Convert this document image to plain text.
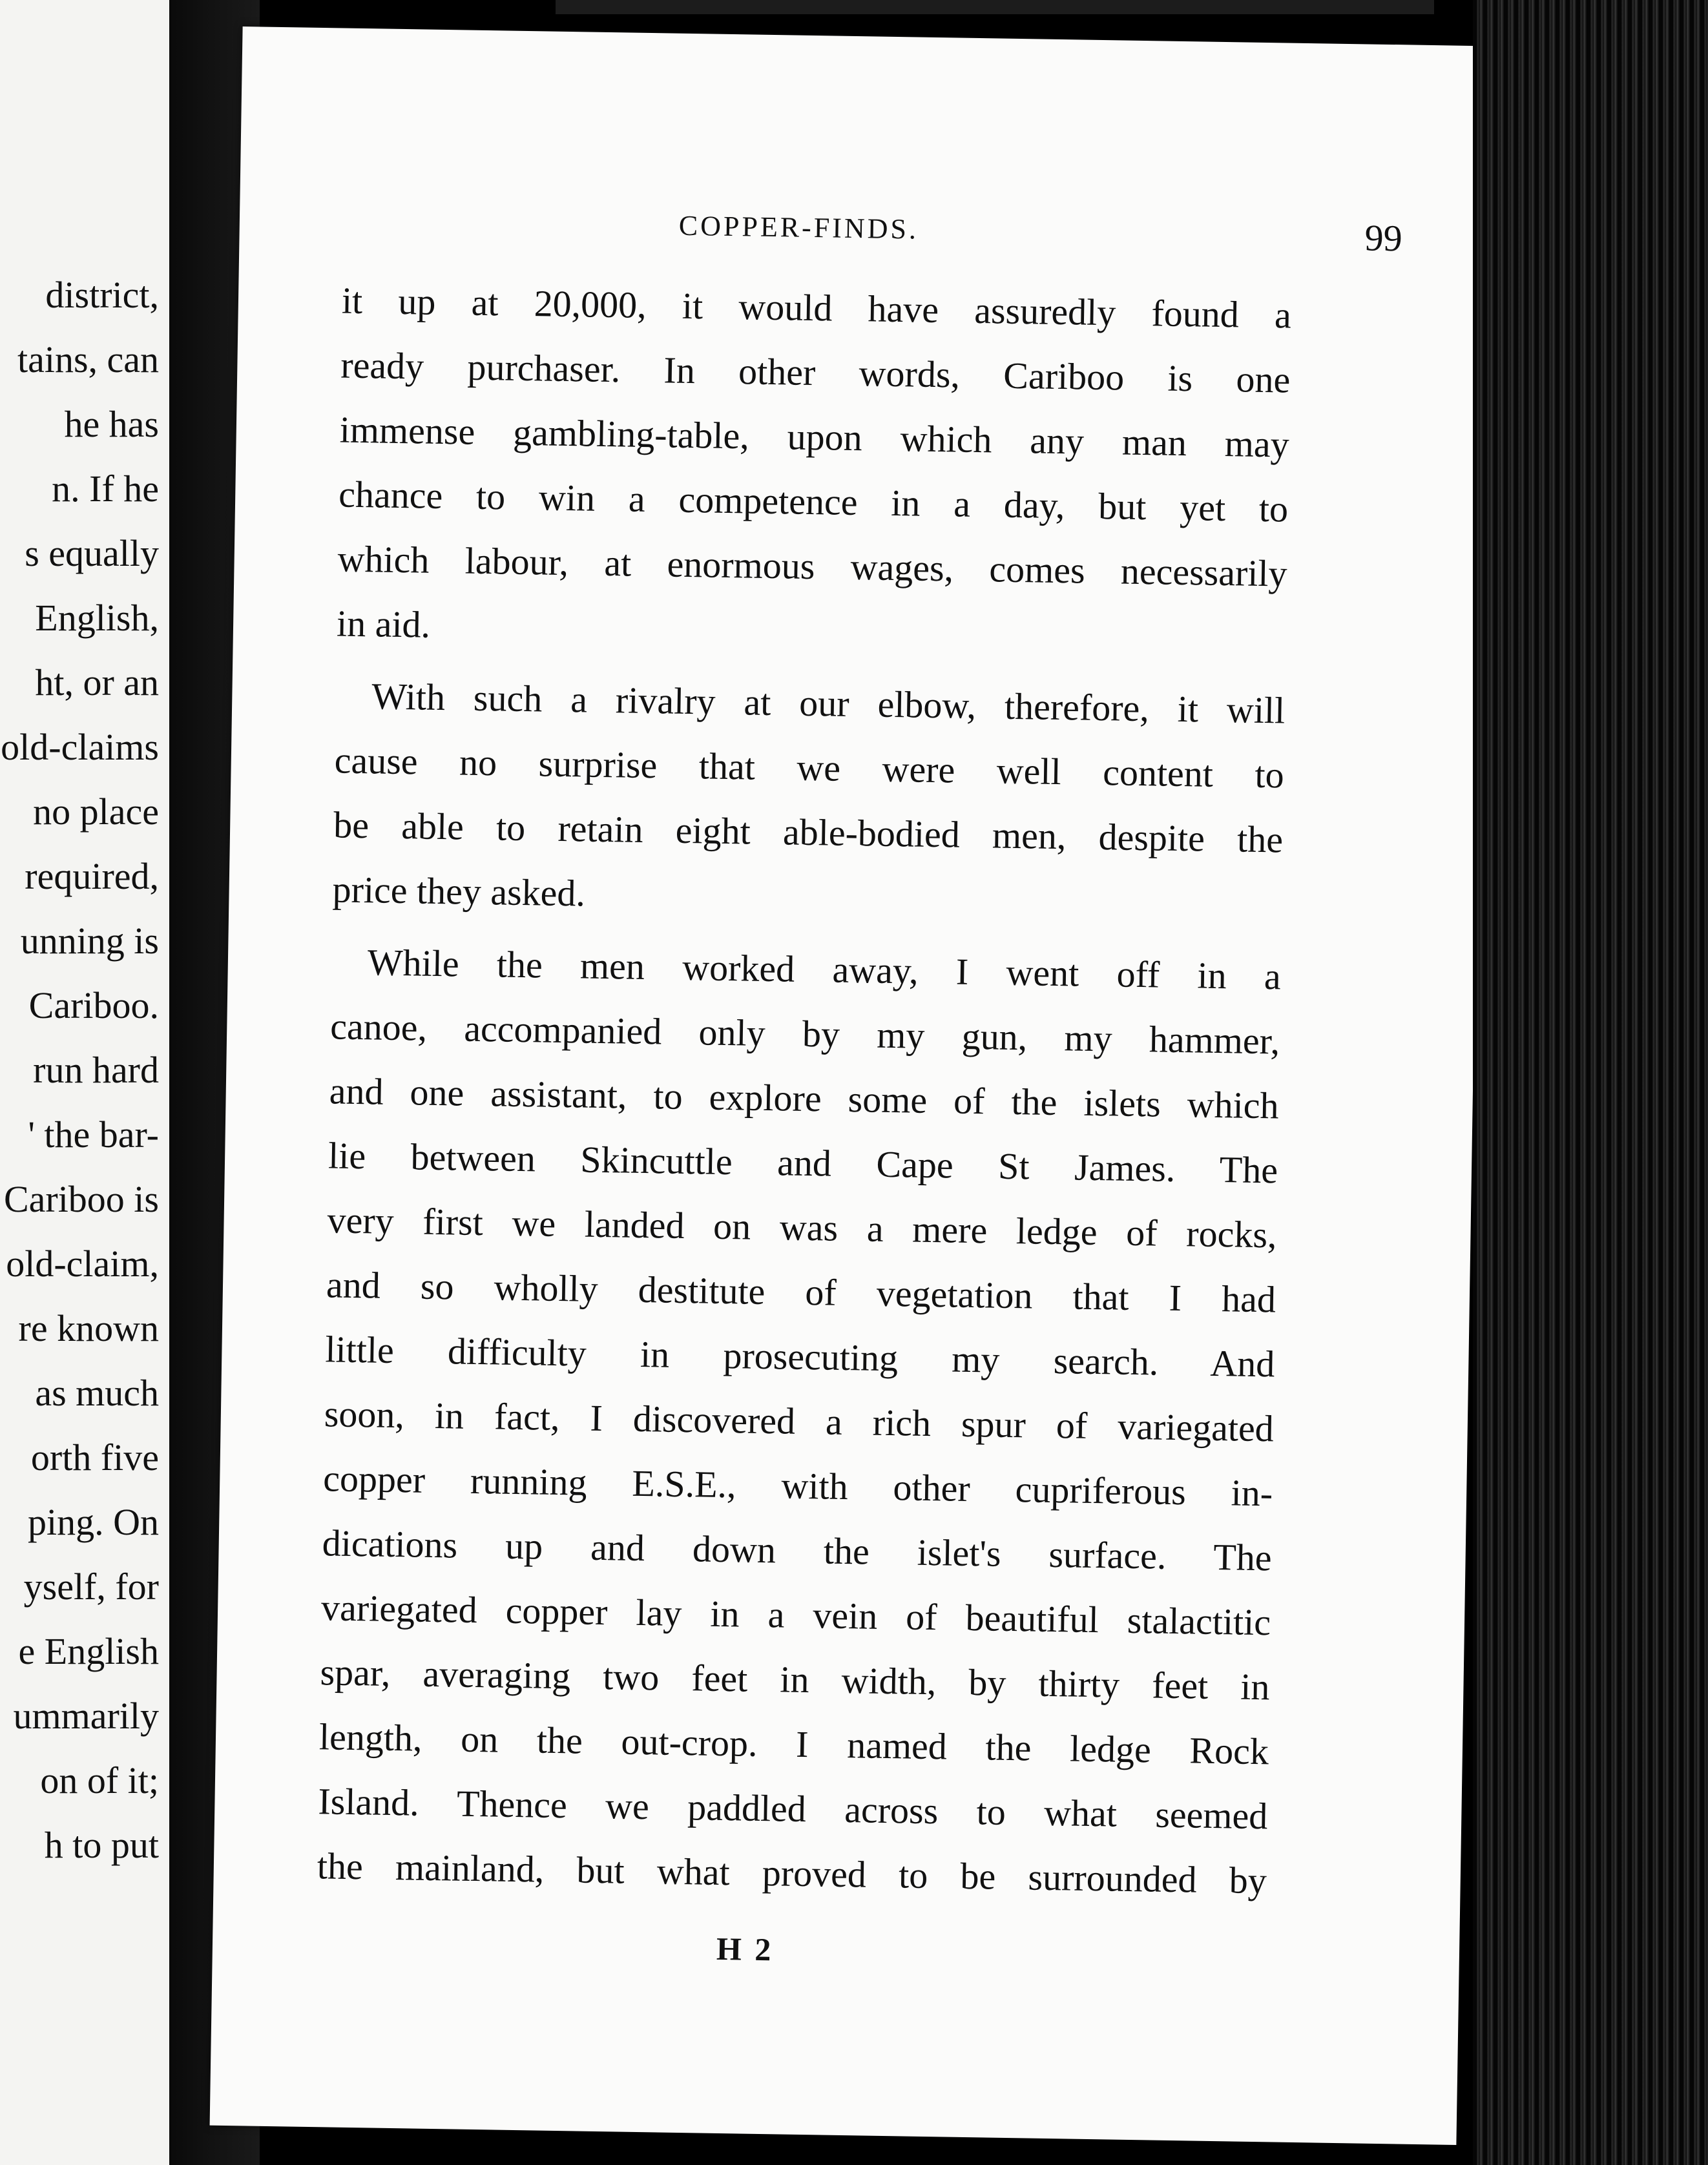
district,
tains, can
he has
n. If he
s equally
English,
ht, or an
old-claims
no place
required,
unning is
Cariboo.
run hard
' the bar-
Cariboo is
old-claim,
re known
as much
orth five
ping. On
yself, for
e English
ummarily
on of it;
h to put
COPPER-FINDS.	99
it up at 20,000, it would have assuredly found a
ready purchaser. In other words, Cariboo is one
immense gambling-table, upon which any man may
chance to win a competence in a day, but yet to
which labour, at enormous wages, comes necessarily
in aid.
With such a rivalry at our elbow, therefore, it will
cause no surprise that we were well content to
be able to retain eight able-bodied men, despite the
price they asked.
While the men worked away, I went off in a
canoe, accompanied only by my gun, my hammer,
and one assistant, to explore some of the islets which
lie between Skincuttle and Cape St James. The
very first we landed on was a mere ledge of rocks,
and so wholly destitute of vegetation that I had
little difficulty in prosecuting my search. And
soon, in fact, I discovered a rich spur of variegated
copper running E.S.E., with other cupriferous in-
dications up and down the islet's surface. The
variegated copper lay in a vein of beautiful stalactitic
spar, averaging two feet in width, by thirty feet in
length, on the out-crop. I named the ledge Rock
Island. Thence we paddled across to what seemed
the mainland, but what proved to be surrounded by
H 2
